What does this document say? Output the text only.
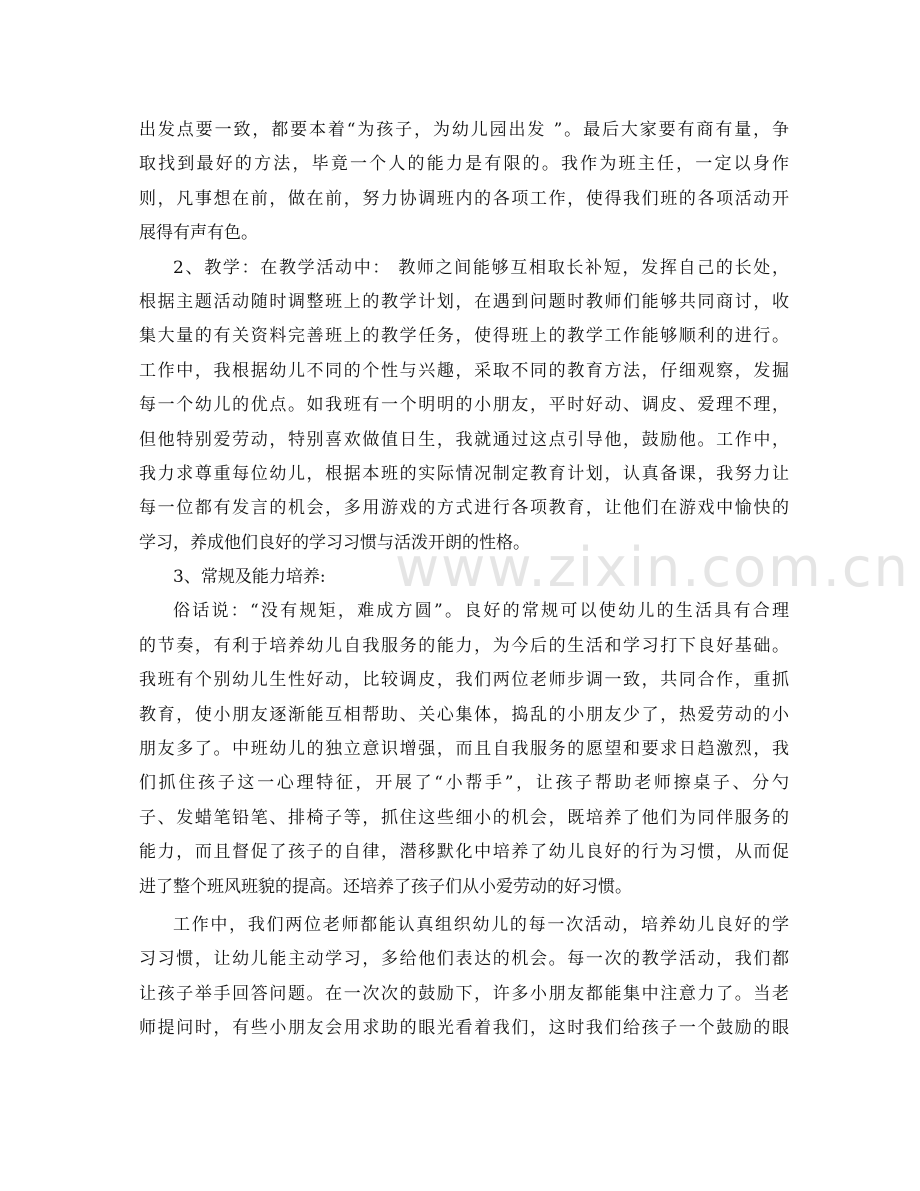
www.zixin.com.cn
出发点要一致，都要本着“为孩子，为幼儿园出发 ”。最后大家要有商有量，争
取找到最好的方法，毕竟一个人的能力是有限的。我作为班主任，一定以身作
则，凡事想在前，做在前，努力协调班内的各项工作，使得我们班的各项活动开
展得有声有色。
2、教学：在教学活动中： 教师之间能够互相取长补短，发挥自己的长处，
根据主题活动随时调整班上的教学计划，在遇到问题时教师们能够共同商讨，收
集大量的有关资料完善班上的教学任务，使得班上的教学工作能够顺利的进行。
工作中，我根据幼儿不同的个性与兴趣，采取不同的教育方法，仔细观察，发掘
每一个幼儿的优点。如我班有一个明明的小朋友，平时好动、调皮、爱理不理，
但他特别爱劳动，特别喜欢做值日生，我就通过这点引导他，鼓励他。工作中，
我力求尊重每位幼儿，根据本班的实际情况制定教育计划，认真备课，我努力让
每一位都有发言的机会，多用游戏的方式进行各项教育，让他们在游戏中愉快的
学习，养成他们良好的学习习惯与活泼开朗的性格。
3、常规及能力培养:
俗话说：“没有规矩，难成方圆”。良好的常规可以使幼儿的生活具有合理
的节奏，有利于培养幼儿自我服务的能力，为今后的生活和学习打下良好基础。
我班有个别幼儿生性好动，比较调皮，我们两位老师步调一致，共同合作，重抓
教育，使小朋友逐渐能互相帮助、关心集体，捣乱的小朋友少了，热爱劳动的小
朋友多了。中班幼儿的独立意识增强，而且自我服务的愿望和要求日趋激烈，我
们抓住孩子这一心理特征，开展了“小帮手”，让孩子帮助老师擦桌子、分勺
子、发蜡笔铅笔、排椅子等，抓住这些细小的机会，既培养了他们为同伴服务的
能力，而且督促了孩子的自律，潜移默化中培养了幼儿良好的行为习惯，从而促
进了整个班风班貌的提高。还培养了孩子们从小爱劳动的好习惯。
工作中，我们两位老师都能认真组织幼儿的每一次活动，培养幼儿良好的学
习习惯，让幼儿能主动学习，多给他们表达的机会。每一次的教学活动，我们都
让孩子举手回答问题。在一次次的鼓励下，许多小朋友都能集中注意力了。当老
师提问时，有些小朋友会用求助的眼光看着我们，这时我们给孩子一个鼓励的眼
